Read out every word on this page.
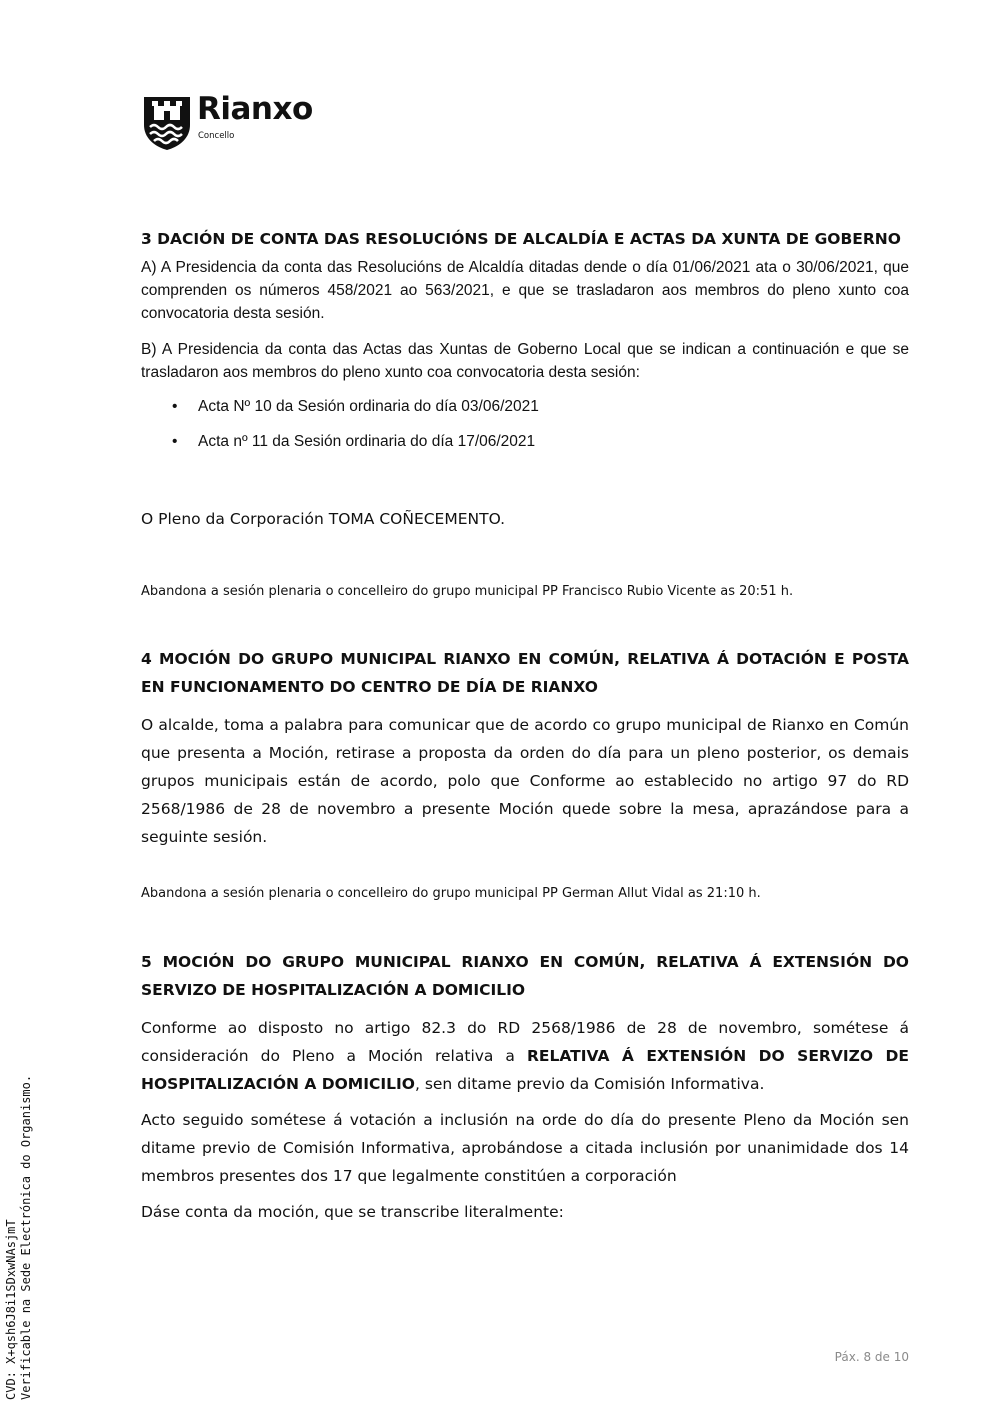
Rianxo
Concello

3 DACIÓN DE CONTA DAS RESOLUCIÓNS DE ALCALDÍA E ACTAS DA XUNTA DE GOBERNO

A) A Presidencia da conta das Resolucións de Alcaldía ditadas dende o día 01/06/2021 ata o 30/06/2021, que comprenden os números 458/2021 ao 563/2021, e que se trasladaron aos membros do pleno xunto coa convocatoria desta sesión.

B) A Presidencia da conta das Actas das Xuntas de Goberno Local que se indican a continuación e que se trasladaron aos membros do pleno xunto coa convocatoria desta sesión:

• Acta Nº 10 da Sesión ordinaria do día 03/06/2021
• Acta nº 11 da Sesión ordinaria do día 17/06/2021

O Pleno da Corporación TOMA COÑECEMENTO.

Abandona a sesión plenaria o concelleiro do grupo municipal PP Francisco Rubio Vicente as 20:51 h.

4 MOCIÓN DO GRUPO MUNICIPAL RIANXO EN COMÚN, RELATIVA Á DOTACIÓN E POSTA EN FUNCIONAMENTO DO CENTRO DE DÍA DE RIANXO

O alcalde, toma a palabra para comunicar que de acordo co grupo municipal de Rianxo en Común que presenta a Moción, retirase a proposta da orden do día para un pleno posterior, os demais grupos municipais están de acordo, polo que Conforme ao establecido no artigo 97 do RD 2568/1986 de 28 de novembro a presente Moción quede sobre la mesa, aprazándose para a seguinte sesión.

Abandona a sesión plenaria o concelleiro do grupo municipal PP German Allut Vidal as 21:10 h.

5 MOCIÓN DO GRUPO MUNICIPAL RIANXO EN COMÚN, RELATIVA Á EXTENSIÓN DO SERVIZO DE HOSPITALIZACIÓN A DOMICILIO

Conforme ao disposto no artigo 82.3 do RD 2568/1986 de 28 de novembro, sométese á consideración do Pleno a Moción relativa a RELATIVA Á EXTENSIÓN DO SERVIZO DE HOSPITALIZACIÓN A DOMICILIO, sen ditame previo da Comisión Informativa.

Acto seguido sométese á votación a inclusión na orde do día do presente Pleno da Moción sen ditame previo de Comisión Informativa, aprobándose a citada inclusión por unanimidade dos 14 membros presentes dos 17 que legalmente constitúen a corporación

Dáse conta da moción, que se transcribe literalmente:

CVD: X+qsh6J8i1SDxwNAsjmT Verificable na Sede Electrónica do Organismo.	Páx. 8 de 10
